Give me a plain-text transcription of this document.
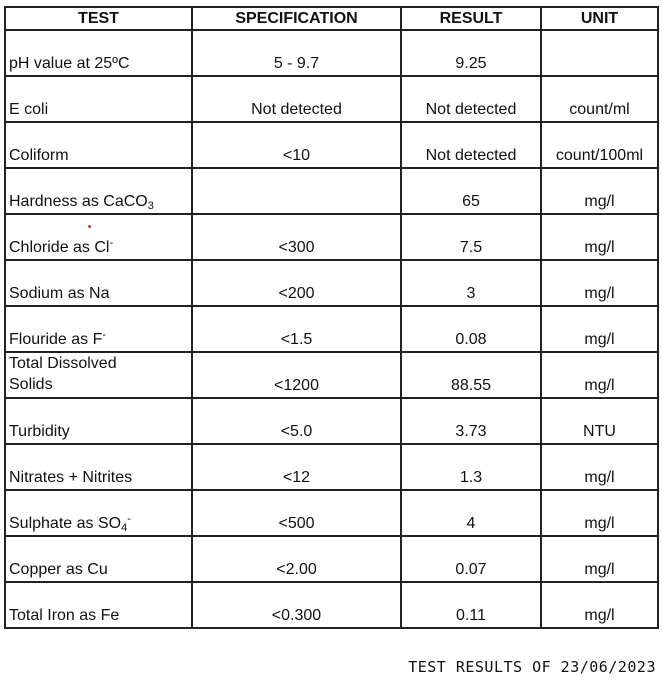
TEST	SPECIFICATION	RESULT	UNIT
pH value at 25ºC	5 - 9.7	9.25	
E coli	Not detected	Not detected	count/ml
Coliform	<10	Not detected	count/100ml
Hardness as CaCO$_3$		65	mg/l
Chloride as Cl-	<300	7.5	mg/l
Sodium as Na	<200	3	mg/l
Flouride as F-	<1.5	0.08	mg/l
Total Dissolved
Solids	<1200	88.55	mg/l
Turbidity	<5.0	3.73	NTU
Nitrates + Nitrites	<12	1.3	mg/l
Sulphate as $SO_4^-$	<500	4	mg/l
Copper as Cu	<2.00	0.07	mg/l
Total Iron as Fe	<0.300	0.11	mg/l
TEST RESULTS OF 23/06/2023
